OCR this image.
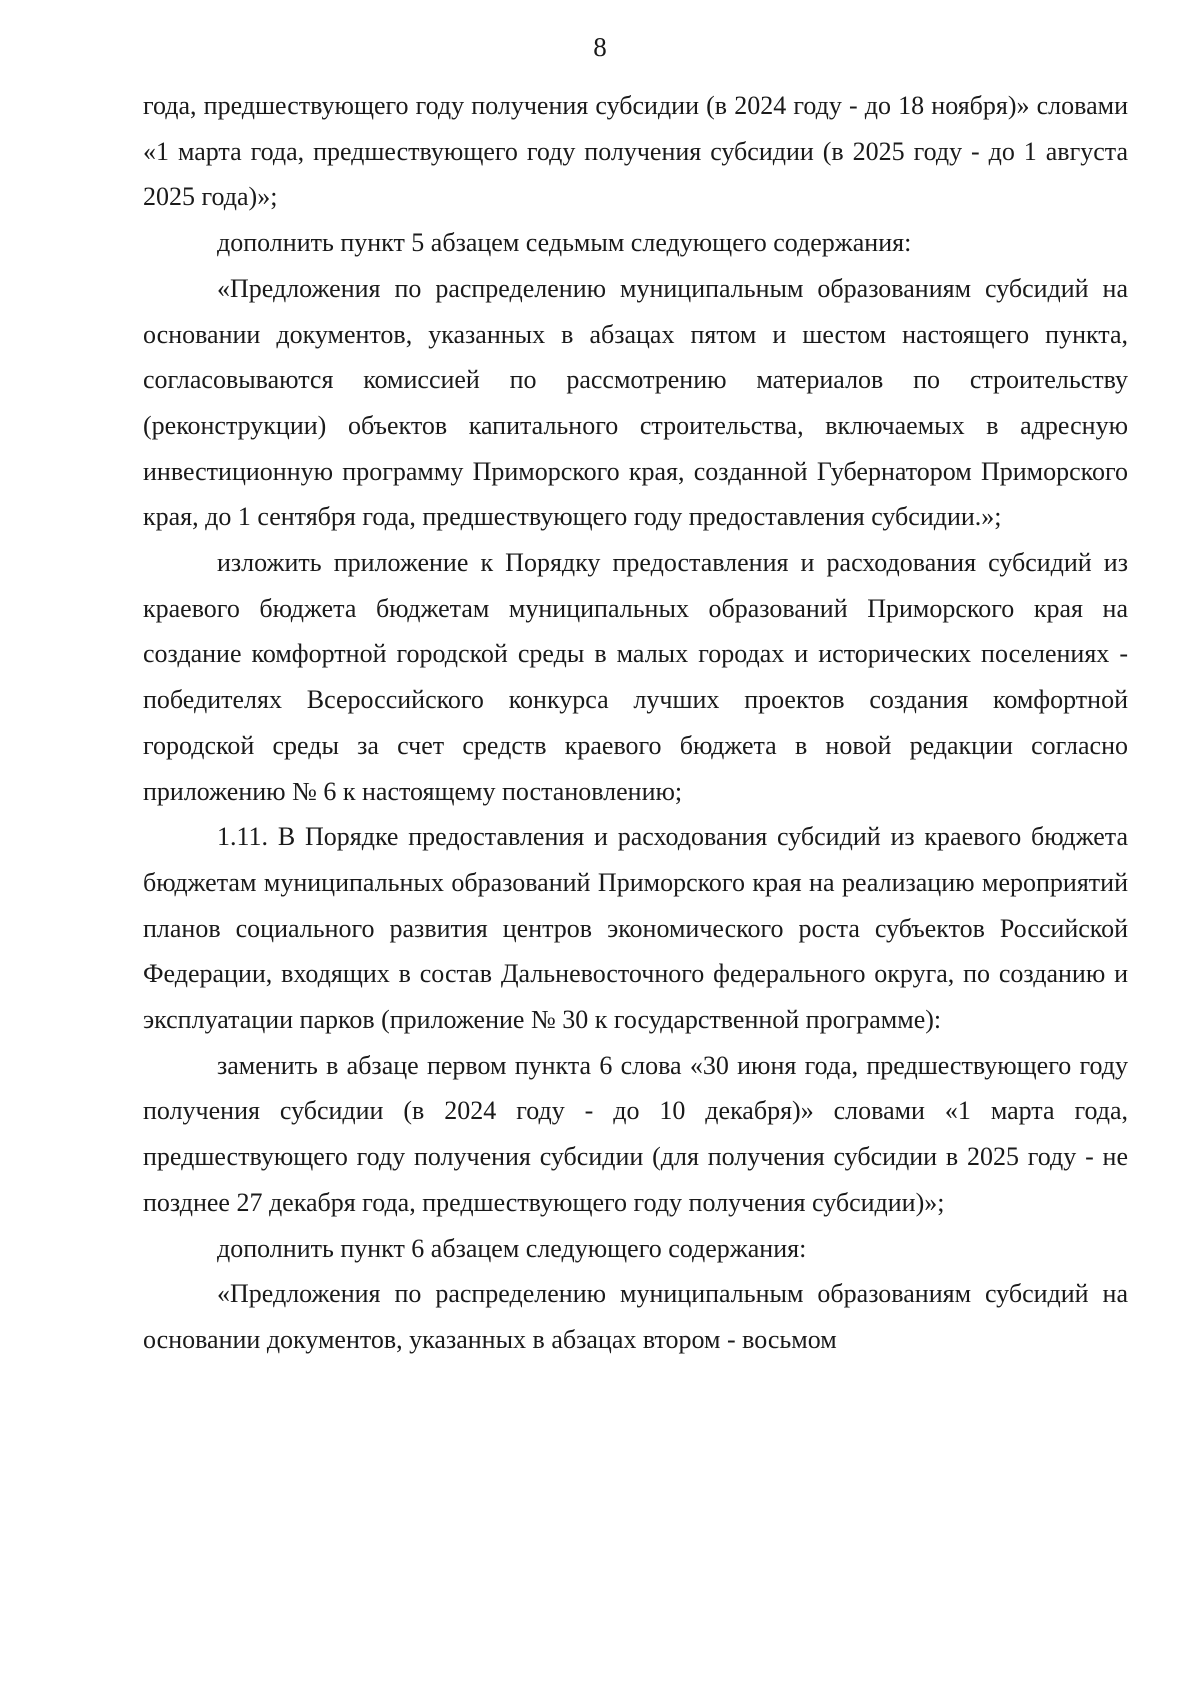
8

года, предшествующего году получения субсидии (в 2024 году - до 18 ноября)» словами «1 марта года, предшествующего году получения субсидии (в 2025 году - до 1 августа 2025 года)»;

дополнить пункт 5 абзацем седьмым следующего содержания:

«Предложения по распределению муниципальным образованиям субсидий на основании документов, указанных в абзацах пятом и шестом настоящего пункта, согласовываются комиссией по рассмотрению материалов по строительству (реконструкции) объектов капитального строительства, включаемых в адресную инвестиционную программу Приморского края, созданной Губернатором Приморского края, до 1 сентября года, предшествующего году предоставления субсидии.»;

изложить приложение к Порядку предоставления и расходования субсидий из краевого бюджета бюджетам муниципальных образований Приморского края на создание комфортной городской среды в малых городах и исторических поселениях - победителях Всероссийского конкурса лучших проектов создания комфортной городской среды за счет средств краевого бюджета в новой редакции согласно приложению № 6 к настоящему постановлению;

1.11. В Порядке предоставления и расходования субсидий из краевого бюджета бюджетам муниципальных образований Приморского края на реализацию мероприятий планов социального развития центров экономического роста субъектов Российской Федерации, входящих в состав Дальневосточного федерального округа, по созданию и эксплуатации парков (приложение № 30 к государственной программе):

заменить в абзаце первом пункта 6 слова «30 июня года, предшествующего году получения субсидии (в 2024 году - до 10 декабря)» словами «1 марта года, предшествующего году получения субсидии (для получения субсидии в 2025 году - не позднее 27 декабря года, предшествующего году получения субсидии)»;

дополнить пункт 6 абзацем следующего содержания:

«Предложения по распределению муниципальным образованиям субсидий на основании документов, указанных в абзацах втором - восьмом
